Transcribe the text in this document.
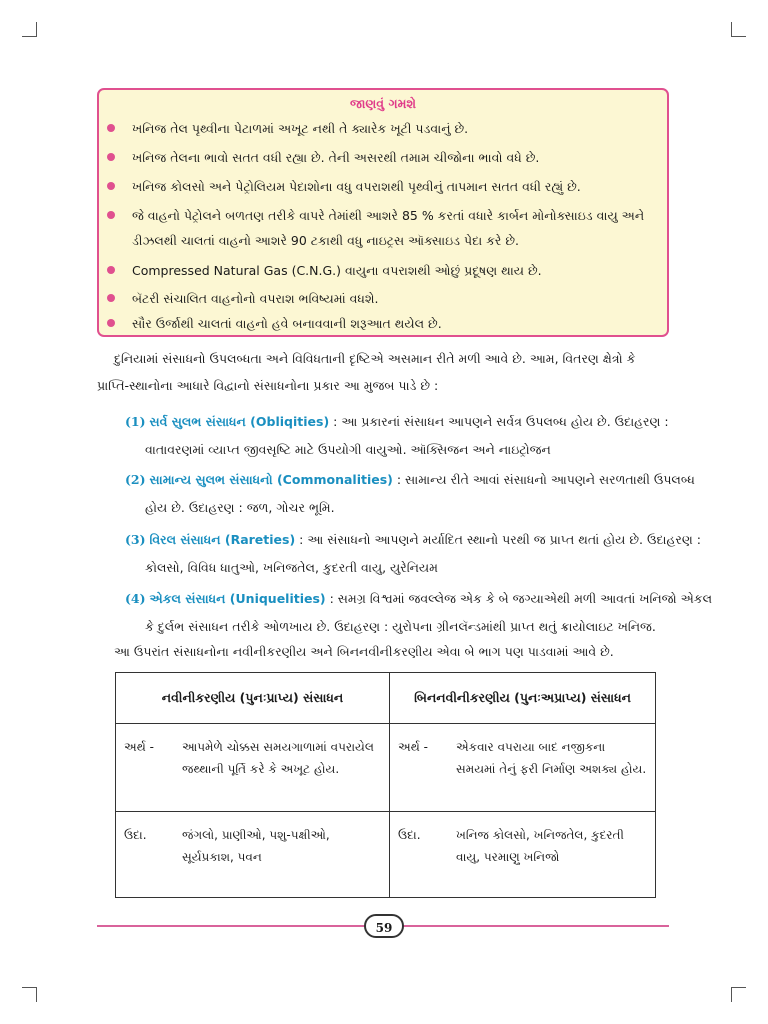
જાણવું ગમશે
ખનિજ તેલ પૃથ્વીના પેટાળમાં અખૂટ નથી તે ક્યારેક ખૂટી પડવાનું છે.
ખનિજ તેલના ભાવો સતત વધી રહ્યા છે. તેની અસરથી તમામ ચીજોના ભાવો વધે છે.
ખનિજ કોલસો અને પેટ્રોલિયમ પેદાશોના વધુ વપરાશથી પૃથ્વીનું તાપમાન સતત વધી રહ્યું છે.
જે વાહનો પેટ્રોલને બળતણ તરીકે વાપરે તેમાંથી આશરે 85 % કરતાં વધારે કાર્બન મોનોક્સાઇડ વાયુ અને
ડીઝલથી ચાલતાં વાહનો આશરે 90 ટકાથી વધુ નાઇટ્રસ ઑક્સાઇડ પેદા કરે છે.
Compressed Natural Gas (C.N.G.) વાયુના વપરાશથી ઓછું પ્રદૂષણ થાય છે.
બૅટરી સંચાલિત વાહનોનો વપરાશ ભવિષ્યમાં વધશે.
સૌર ઉર્જાથી ચાલતાં વાહનો હવે બનાવવાની શરૂઆત થયેલ છે.
દુનિયામાં સંસાધનો ઉપલબ્ધતા અને વિવિધતાની દૃષ્ટિએ અસમાન રીતે મળી આવે છે. આમ, વિતરણ ક્ષેત્રો કે
પ્રાપ્તિ-સ્થાનોના આધારે વિદ્વાનો સંસાધનોના પ્રકાર આ મુજબ પાડે છે :
(1) સર્વ સુલભ સંસાધન (Obliqities) : આ પ્રકારનાં સંસાધન આપણને સર્વત્ર ઉપલબ્ધ હોય છે. ઉદાહરણ :
વાતાવરણમાં વ્યાપ્ત જીવસૃષ્ટિ માટે ઉપયોગી વાયુઓ. ઑક્સિજન અને નાઇટ્રોજન
(2) સામાન્ય સુલભ સંસાધનો (Commonalities) : સામાન્ય રીતે આવાં સંસાધનો આપણને સરળતાથી ઉપલબ્ધ
હોય છે. ઉદાહરણ : જળ, ગોચર ભૂમિ.
(3) વિરલ સંસાધન (Rareties) : આ સંસાધનો આપણને મર્યાદિત સ્થાનો પરથી જ પ્રાપ્ત થતાં હોય છે. ઉદાહરણ :
કોલસો, વિવિધ ધાતુઓ, ખનિજતેલ, કુદરતી વાયુ, યુરેનિયમ
(4) એકલ સંસાધન (Uniquelities) : સમગ્ર વિશ્વમાં જવલ્લેજ એક કે બે જગ્યાએથી મળી આવતાં ખનિજો એકલ
કે દુર્લભ સંસાધન તરીકે ઓળખાય છે. ઉદાહરણ : યુરોપના ગ્રીનલૅન્ડમાંથી પ્રાપ્ત થતું ક્રાયોલાઇટ ખનિજ.
આ ઉપરાંત સંસાધનોના નવીનીકરણીય અને બિનનવીનીકરણીય એવા બે ભાગ પણ પાડવામાં આવે છે.
નવીનીકરણીય (પુનઃપ્રાપ્ય) સંસાધન	બિનનવીનીકરણીય (પુનઃઅપ્રાપ્ય) સંસાધન

અર્થ - આપમેળે ચોક્કસ સમયગાળામાં વપરાયેલ જથ્થાની પૂર્તિ કરે કે અખૂટ હોય.	અર્થ - એકવાર વપરાયા બાદ નજીકના સમયમાં તેનું ફરી નિર્માણ અશક્ય હોય.

ઉદા. જંગલો, પ્રાણીઓ, પશુ-પક્ષીઓ, સૂર્યપ્રકાશ, પવન	ઉદા. ખનિજ કોલસો, ખનિજતેલ, કુદરતી વાયુ, પરમાણુ ખનિજો
59
